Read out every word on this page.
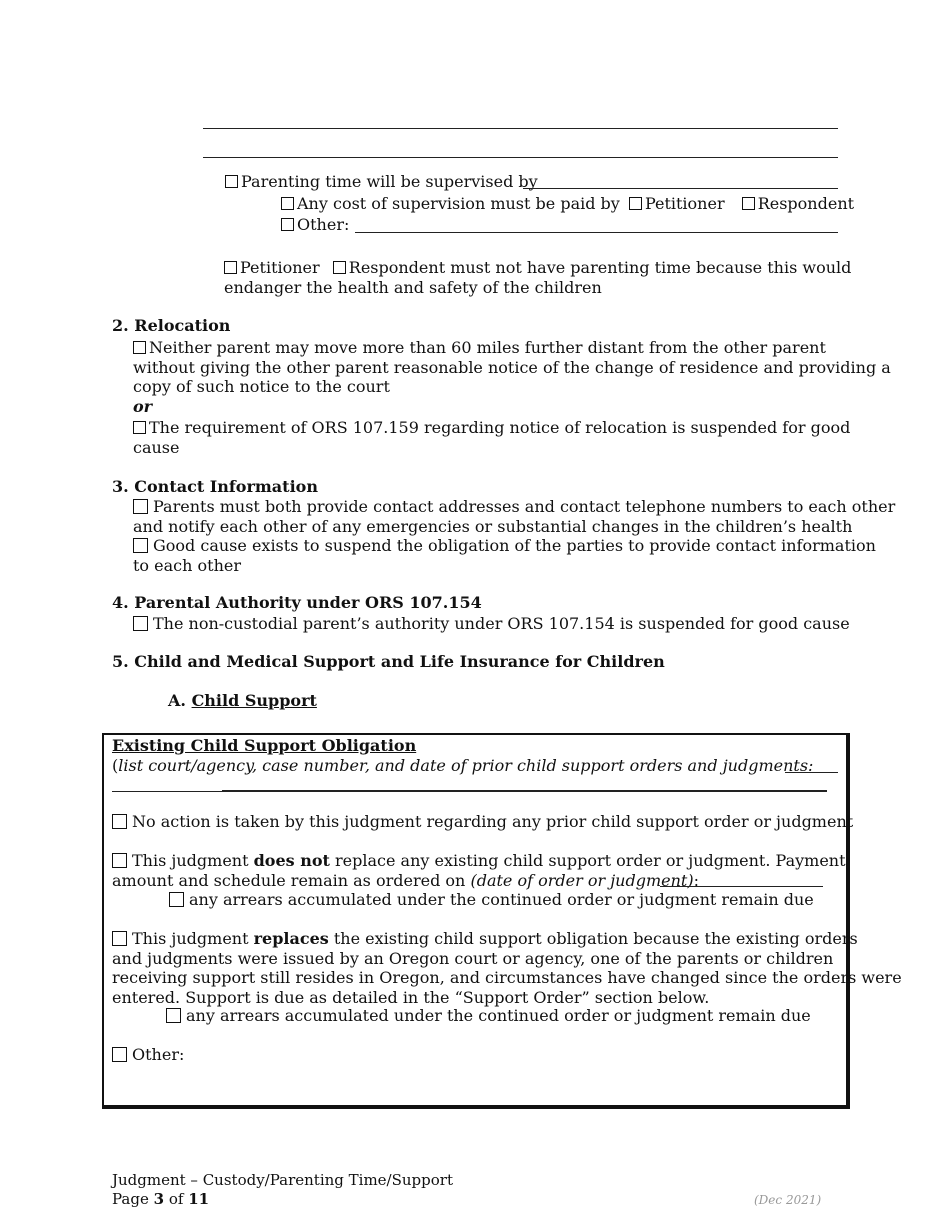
Parenting time will be supervised by
Any cost of supervision must be paid by Petitioner Respondent
Other:
Petitioner Respondent must not have parenting time because this would
endanger the health and safety of the children
2. Relocation
Neither parent may move more than 60 miles further distant from the other parent
without giving the other parent reasonable notice of the change of residence and providing a
copy of such notice to the court
or
The requirement of ORS 107.159 regarding notice of relocation is suspended for good
cause
3. Contact Information
Parents must both provide contact addresses and contact telephone numbers to each other
and notify each other of any emergencies or substantial changes in the children’s health
Good cause exists to suspend the obligation of the parties to provide contact information
to each other
4. Parental Authority under ORS 107.154
The non-custodial parent’s authority under ORS 107.154 is suspended for good cause
5. Child and Medical Support and Life Insurance for Children
A. Child Support
Existing Child Support Obligation
(list court/agency, case number, and date of prior child support orders and judgments:
No action is taken by this judgment regarding any prior child support order or judgment
This judgment does not replace any existing child support order or judgment. Payment
amount and schedule remain as ordered on (date of order or judgment):
any arrears accumulated under the continued order or judgment remain due
This judgment replaces the existing child support obligation because the existing orders
and judgments were issued by an Oregon court or agency, one of the parents or children
receiving support still resides in Oregon, and circumstances have changed since the orders were
entered. Support is due as detailed in the “Support Order” section below.
any arrears accumulated under the continued order or judgment remain due
Other:
Judgment – Custody/Parenting Time/Support
Page 3 of 11	(Dec 2021)
